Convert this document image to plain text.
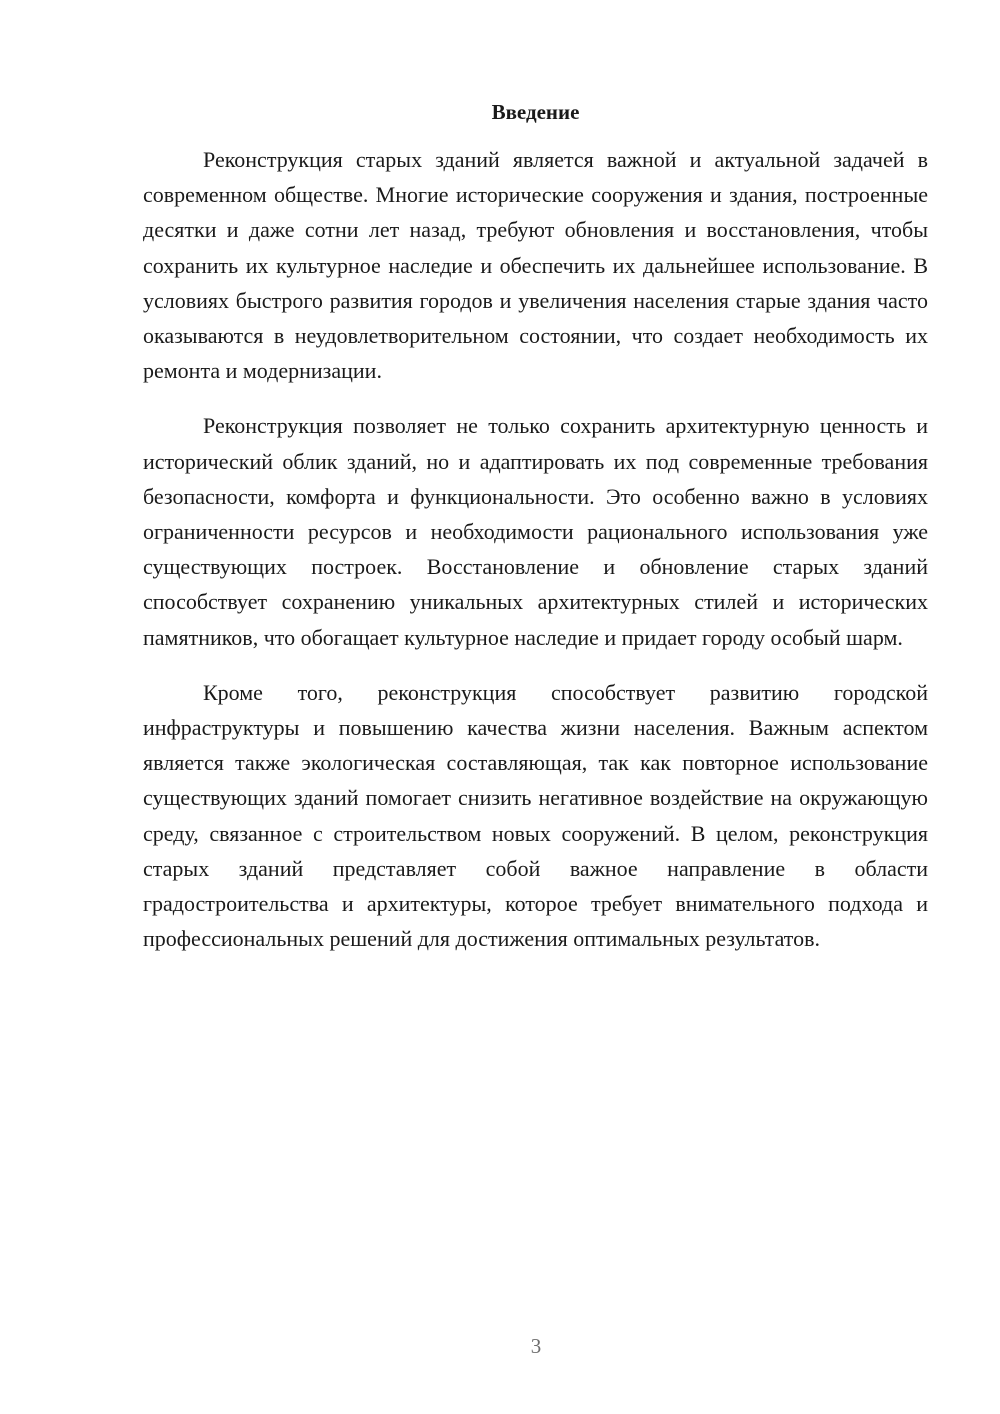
Введение

Реконструкция старых зданий является важной и актуальной задачей в современном обществе. Многие исторические сооружения и здания, построенные десятки и даже сотни лет назад, требуют обновления и восстановления, чтобы сохранить их культурное наследие и обеспечить их дальнейшее использование. В условиях быстрого развития городов и увеличения населения старые здания часто оказываются в неудовлетворительном состоянии, что создает необходимость их ремонта и модернизации.

Реконструкция позволяет не только сохранить архитектурную ценность и исторический облик зданий, но и адаптировать их под современные требования безопасности, комфорта и функциональности. Это особенно важно в условиях ограниченности ресурсов и необходимости рационального использования уже существующих построек. Восстановление и обновление старых зданий способствует сохранению уникальных архитектурных стилей и исторических памятников, что обогащает культурное наследие и придает городу особый шарм.

Кроме того, реконструкция способствует развитию городской инфраструктуры и повышению качества жизни населения. Важным аспектом является также экологическая составляющая, так как повторное использование существующих зданий помогает снизить негативное воздействие на окружающую среду, связанное с строительством новых сооружений. В целом, реконструкция старых зданий представляет собой важное направление в области градостроительства и архитектуры, которое требует внимательного подхода и профессиональных решений для достижения оптимальных результатов.

3
